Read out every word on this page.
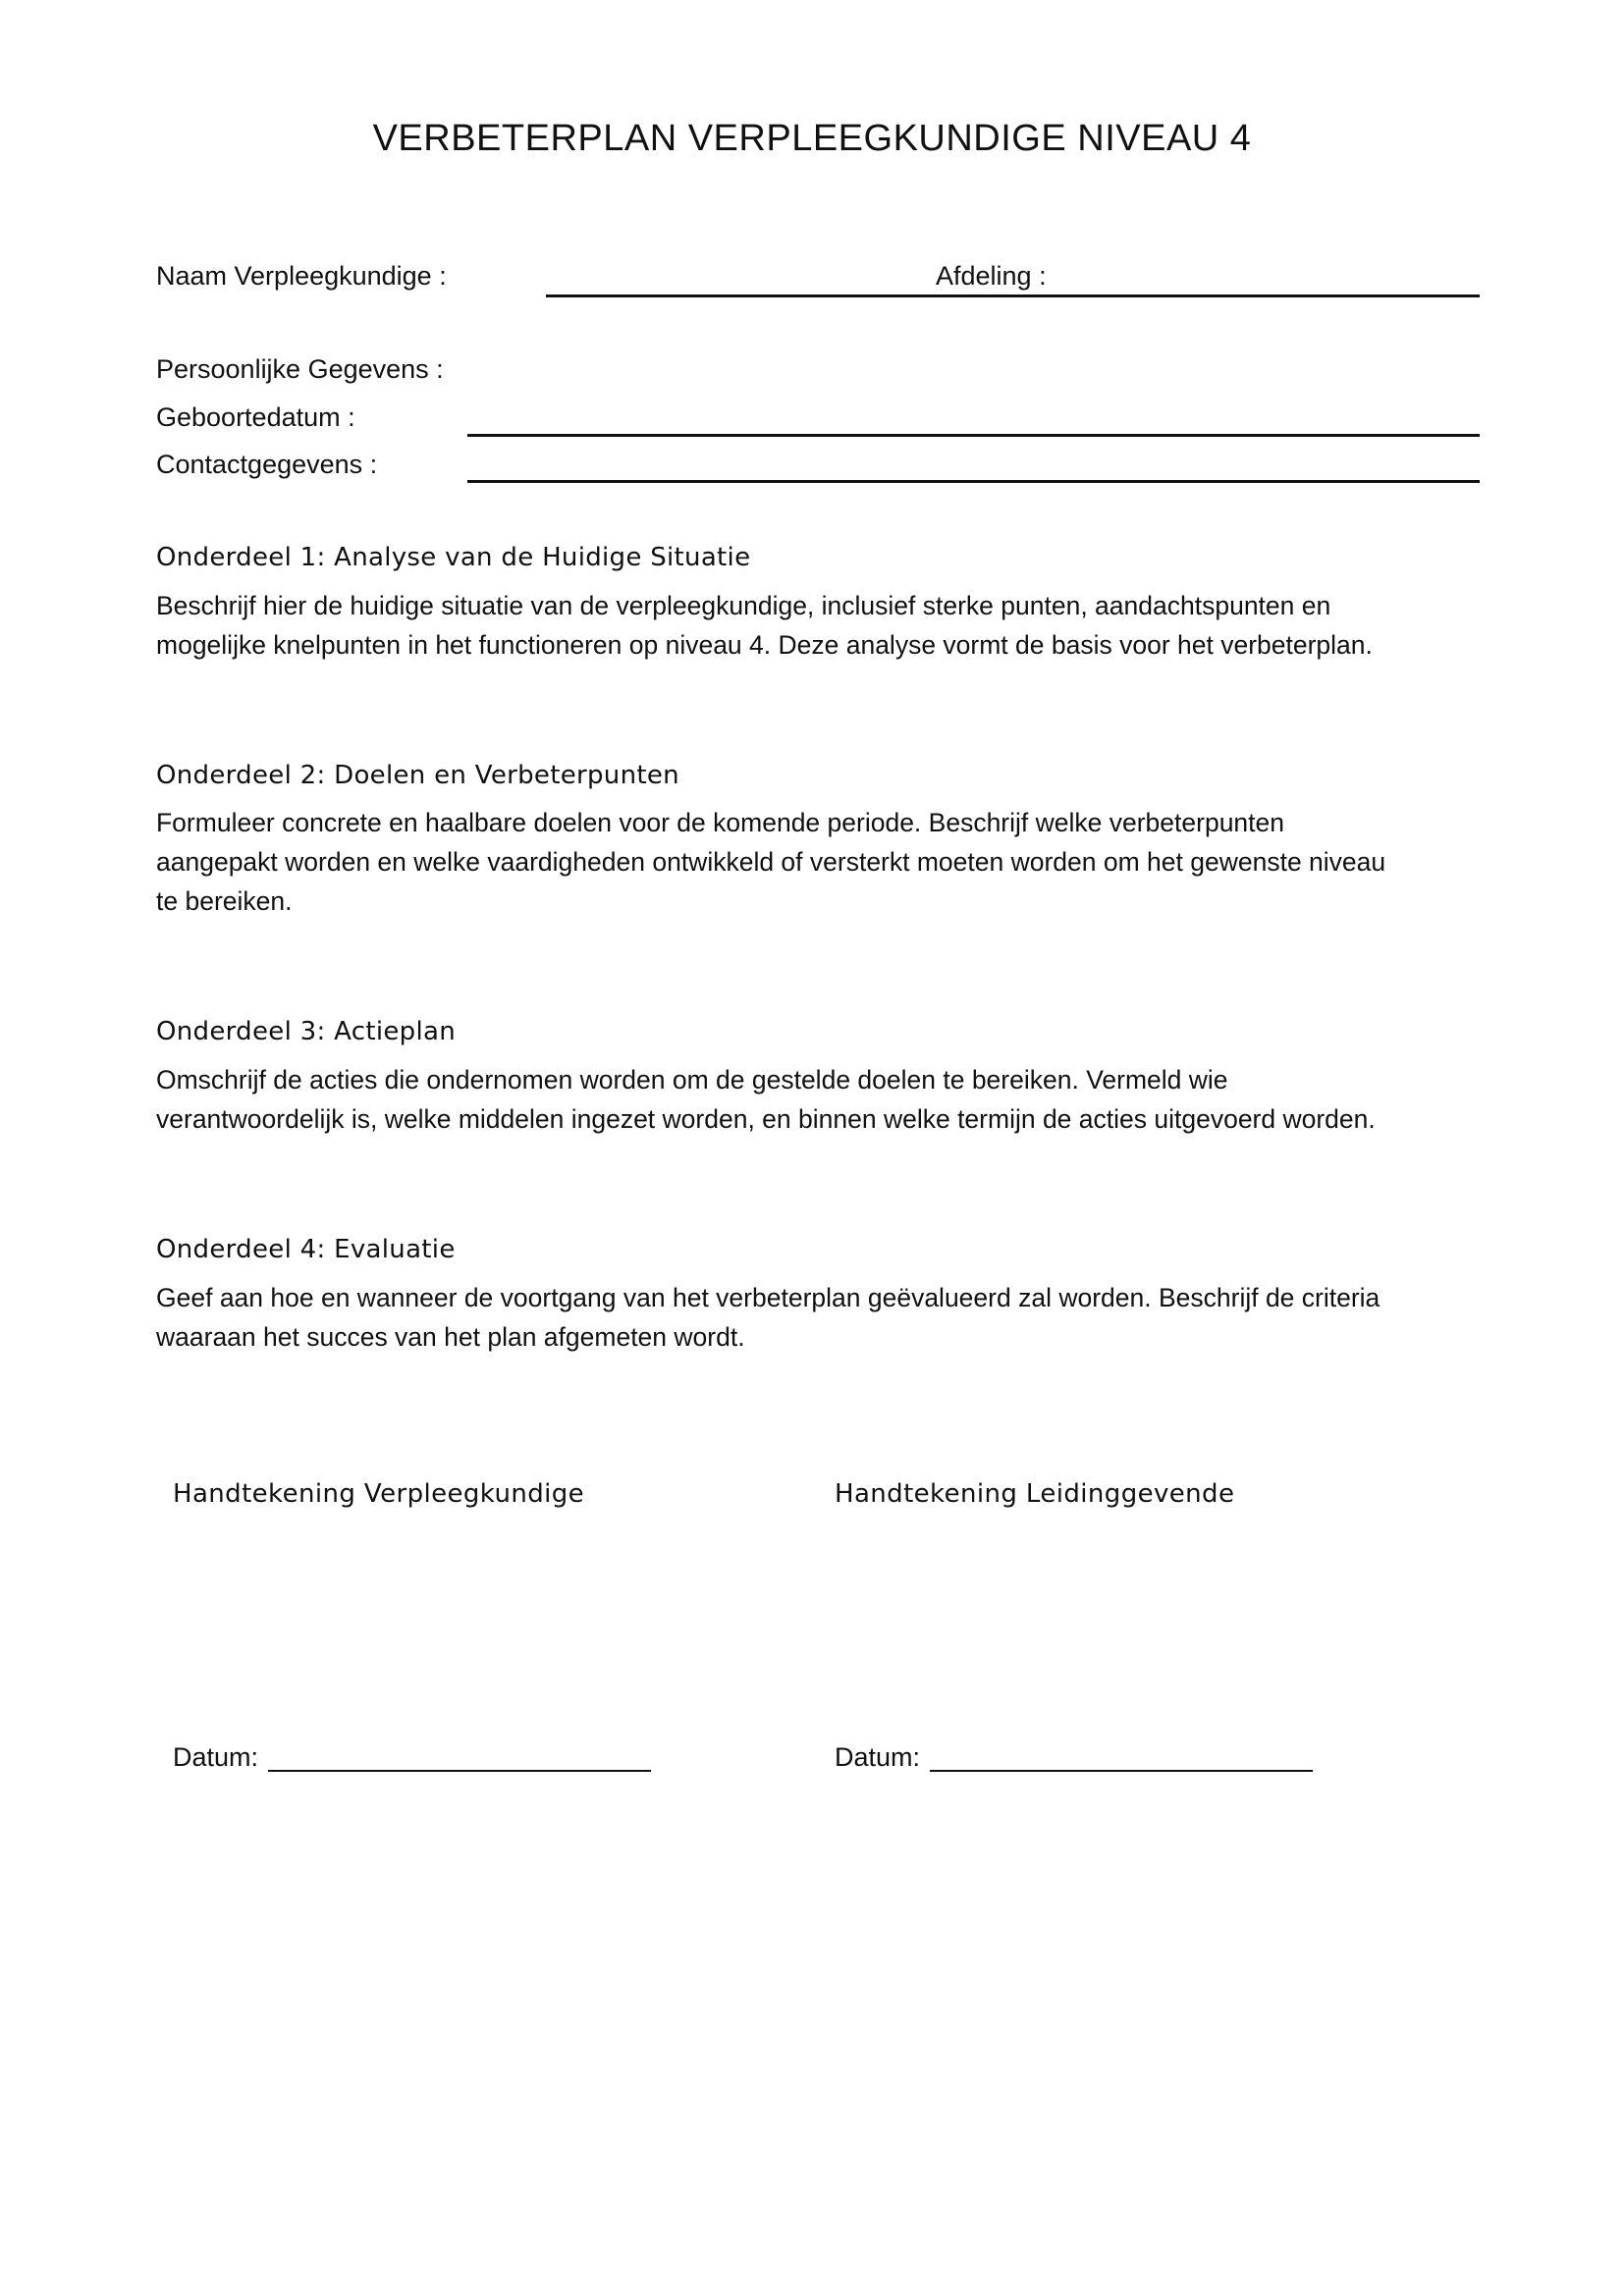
VERBETERPLAN VERPLEEGKUNDIGE NIVEAU 4
Naam Verpleegkundige :	Afdeling :
Persoonlijke Gegevens :
Geboortedatum :
Contactgegevens :
Onderdeel 1: Analyse van de Huidige Situatie
Beschrijf hier de huidige situatie van de verpleegkundige, inclusief sterke punten, aandachtspunten en
mogelijke knelpunten in het functioneren op niveau 4. Deze analyse vormt de basis voor het verbeterplan.
Onderdeel 2: Doelen en Verbeterpunten
Formuleer concrete en haalbare doelen voor de komende periode. Beschrijf welke verbeterpunten
aangepakt worden en welke vaardigheden ontwikkeld of versterkt moeten worden om het gewenste niveau
te bereiken.
Onderdeel 3: Actieplan
Omschrijf de acties die ondernomen worden om de gestelde doelen te bereiken. Vermeld wie
verantwoordelijk is, welke middelen ingezet worden, en binnen welke termijn de acties uitgevoerd worden.
Onderdeel 4: Evaluatie
Geef aan hoe en wanneer de voortgang van het verbeterplan geëvalueerd zal worden. Beschrijf de criteria
waaraan het succes van het plan afgemeten wordt.
Handtekening Verpleegkundige	Handtekening Leidinggevende
Datum:	Datum:
